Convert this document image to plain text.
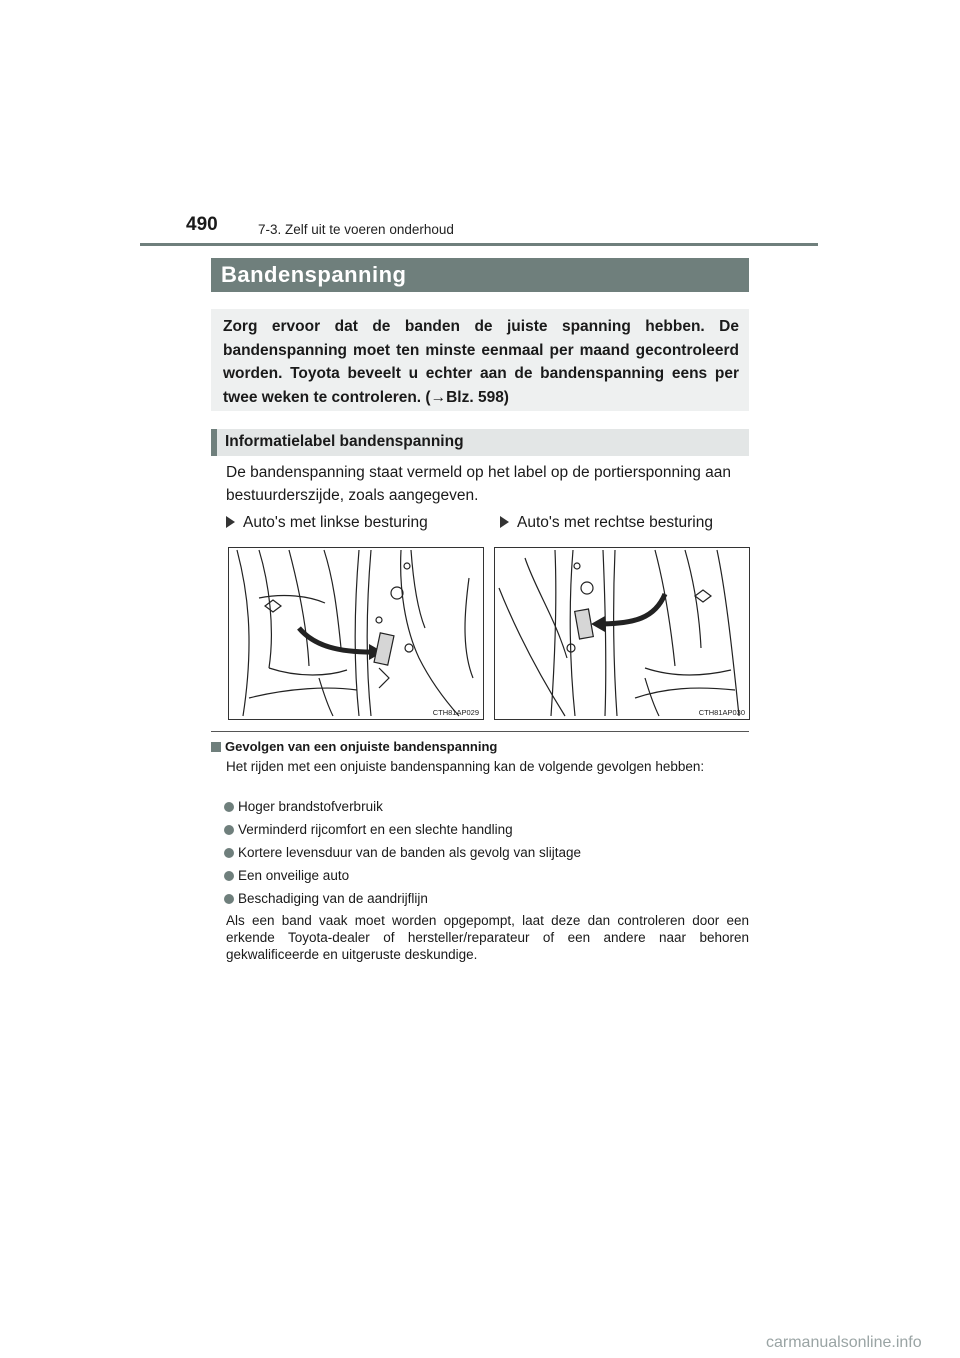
490	7-3. Zelf uit te voeren onderhoud
Bandenspanning

Zorg ervoor dat de banden de juiste spanning hebben. De bandenspanning moet ten minste eenmaal per maand gecontroleerd worden. Toyota beveelt u echter aan de bandenspanning eens per twee weken te controleren. (→Blz. 598)

Informatielabel bandenspanning

De bandenspanning staat vermeld op het label op de portiersponning aan bestuurderszijde, zoals aangegeven.

Auto's met linkse besturing	Auto's met rechtse besturing
CTH81AP029	CTH81AP030
Gevolgen van een onjuiste bandenspanning

Het rijden met een onjuiste bandenspanning kan de volgende gevolgen hebben:

Hoger brandstofverbruik
Verminderd rijcomfort en een slechte handling
Kortere levensduur van de banden als gevolg van slijtage
Een onveilige auto
Beschadiging van de aandrijflijn

Als een band vaak moet worden opgepompt, laat deze dan controleren door een erkende Toyota-dealer of hersteller/reparateur of een andere naar behoren gekwalificeerde en uitgeruste deskundige.

carmanualsonline.info
